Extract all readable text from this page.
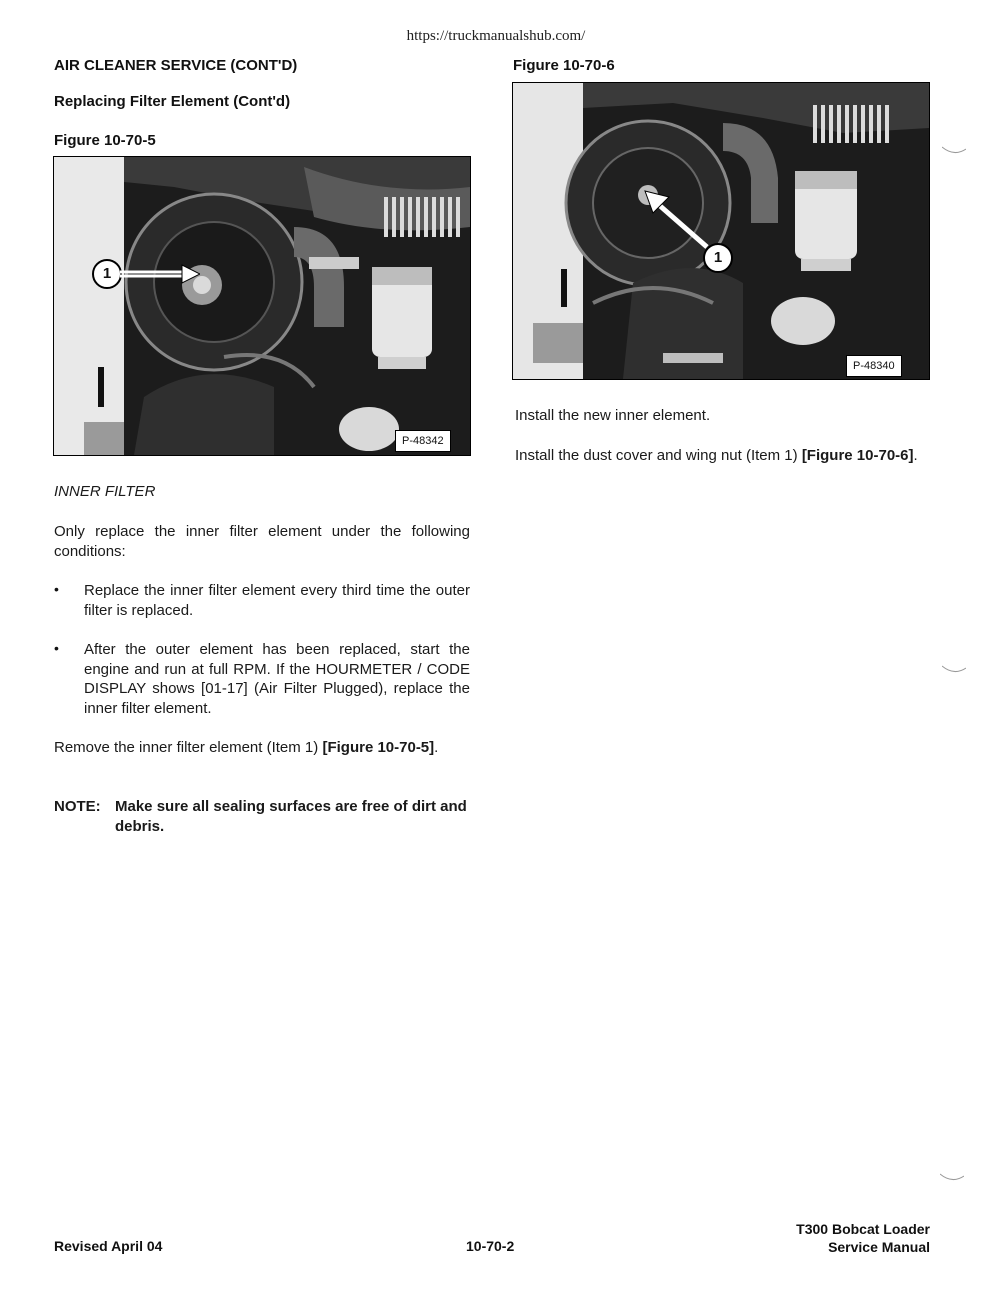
https://truckmanualshub.com/
AIR CLEANER SERVICE (CONT'D)
Replacing Filter Element (Cont'd)
Figure 10-70-5
1
P-48342
INNER FILTER
Only replace the inner filter element under the following conditions:
• Replace the inner filter element every third time the outer filter is replaced.
• After the outer element has been replaced, start the engine and run at full RPM. If the HOURMETER / CODE DISPLAY shows [01-17] (Air Filter Plugged), replace the inner filter element.
Remove the inner filter element (Item 1) [Figure 10-70-5].
NOTE: Make sure all sealing surfaces are free of dirt and debris.
Figure 10-70-6
1
P-48340
Install the new inner element.
Install the dust cover and wing nut (Item 1) [Figure 10-70-6].
Revised April 04	10-70-2
T300 Bobcat Loader
Service Manual
